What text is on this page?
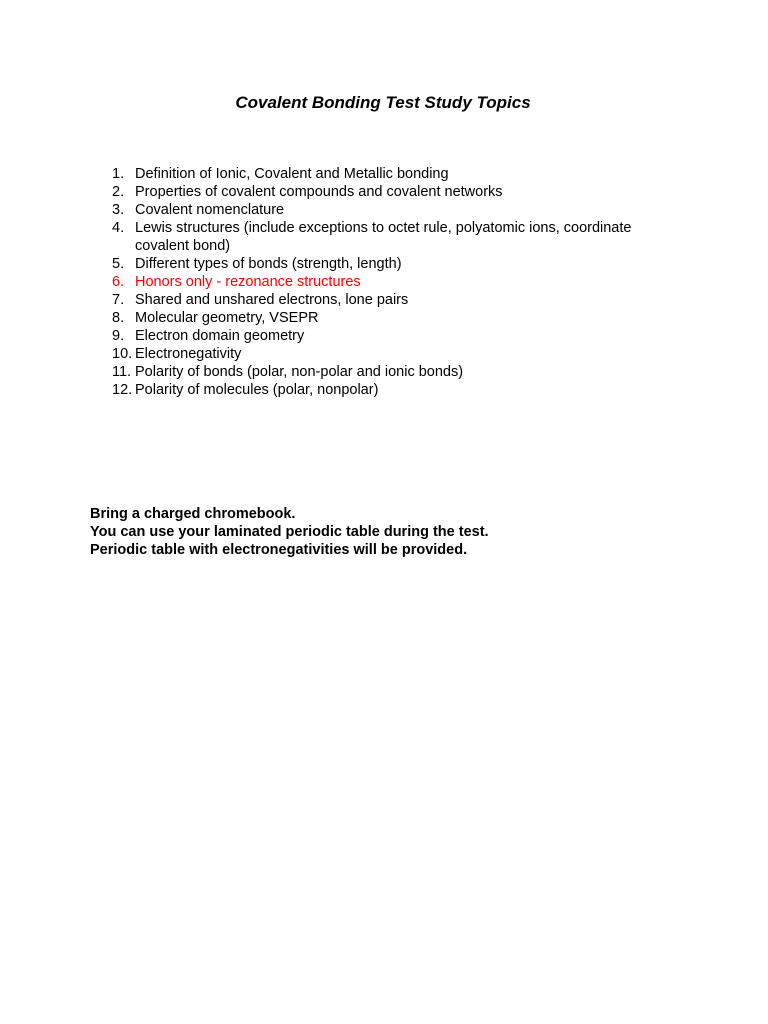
Covalent Bonding Test Study Topics
1. Definition of Ionic, Covalent and Metallic bonding
2. Properties of covalent compounds and covalent networks
3. Covalent nomenclature
4. Lewis structures (include exceptions to octet rule, polyatomic ions, coordinate covalent bond)
5. Different types of bonds (strength, length)
6. Honors only - rezonance structures
7. Shared and unshared electrons, lone pairs
8. Molecular geometry, VSEPR
9. Electron domain geometry
10. Electronegativity
11. Polarity of bonds (polar, non-polar and ionic bonds)
12. Polarity of molecules (polar, nonpolar)
Bring a charged chromebook.
You can use your laminated periodic table during the test.
Periodic table with electronegativities will be provided.
